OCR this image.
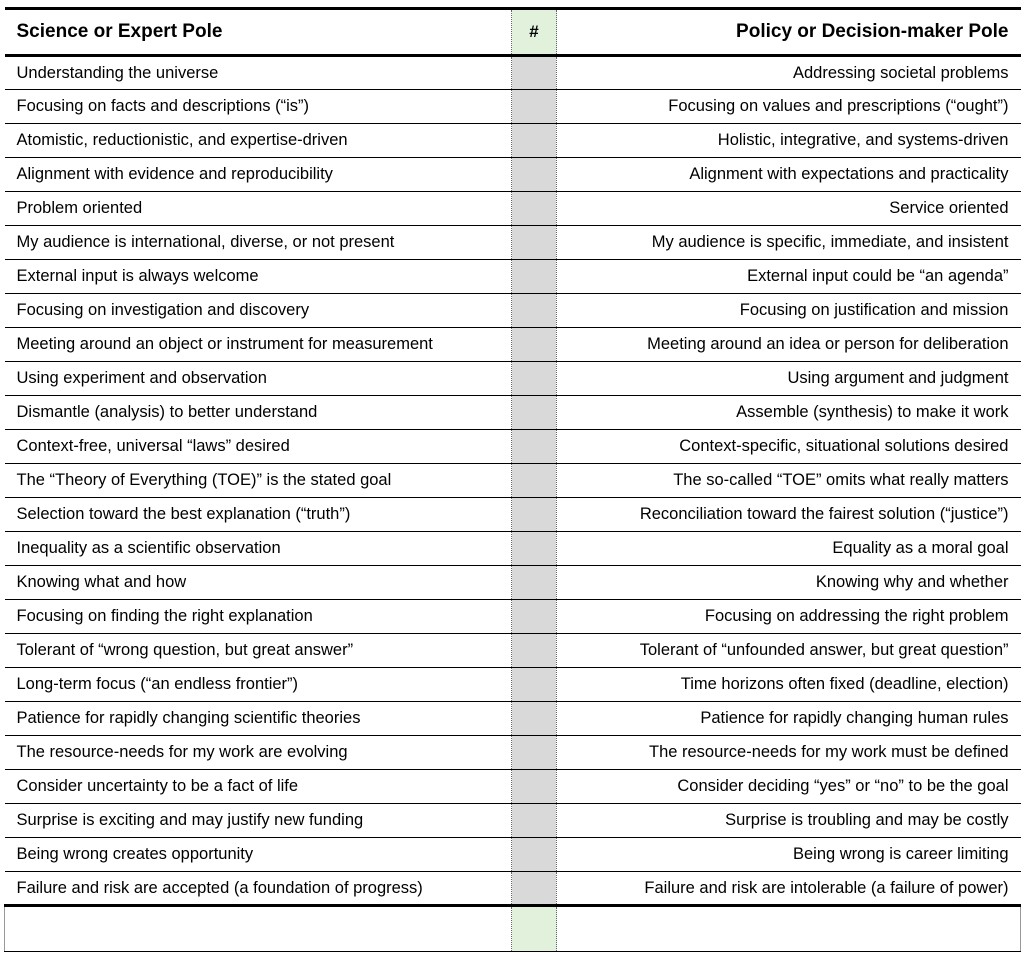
Science or Expert Pole	#	Policy or Decision-maker Pole
Understanding the universe		Addressing societal problems
Focusing on facts and descriptions (“is”)		Focusing on values and prescriptions (“ought”)
Atomistic, reductionistic, and expertise-driven		Holistic, integrative, and systems-driven
Alignment with evidence and reproducibility		Alignment with expectations and practicality
Problem oriented		Service oriented
My audience is international, diverse, or not present		My audience is specific, immediate, and insistent
External input is always welcome		External input could be “an agenda”
Focusing on investigation and discovery		Focusing on justification and mission
Meeting around an object or instrument for measurement		Meeting around an idea or person for deliberation
Using experiment and observation		Using argument and judgment
Dismantle (analysis) to better understand		Assemble (synthesis) to make it work
Context-free, universal “laws” desired		Context-specific, situational solutions desired
The “Theory of Everything (TOE)” is the stated goal		The so-called “TOE” omits what really matters
Selection toward the best explanation (“truth”)		Reconciliation toward the fairest solution (“justice”)
Inequality as a scientific observation		Equality as a moral goal
Knowing what and how		Knowing why and whether
Focusing on finding the right explanation		Focusing on addressing the right problem
Tolerant of “wrong question, but great answer”		Tolerant of “unfounded answer, but great question”
Long-term focus (“an endless frontier”)		Time horizons often fixed (deadline, election)
Patience for rapidly changing scientific theories		Patience for rapidly changing human rules
The resource-needs for my work are evolving		The resource-needs for my work must be defined
Consider uncertainty to be a fact of life		Consider deciding “yes” or “no” to be the goal
Surprise is exciting and may justify new funding		Surprise is troubling and may be costly
Being wrong creates opportunity		Being wrong is career limiting
Failure and risk are accepted (a foundation of progress)		Failure and risk are intolerable (a failure of power)
